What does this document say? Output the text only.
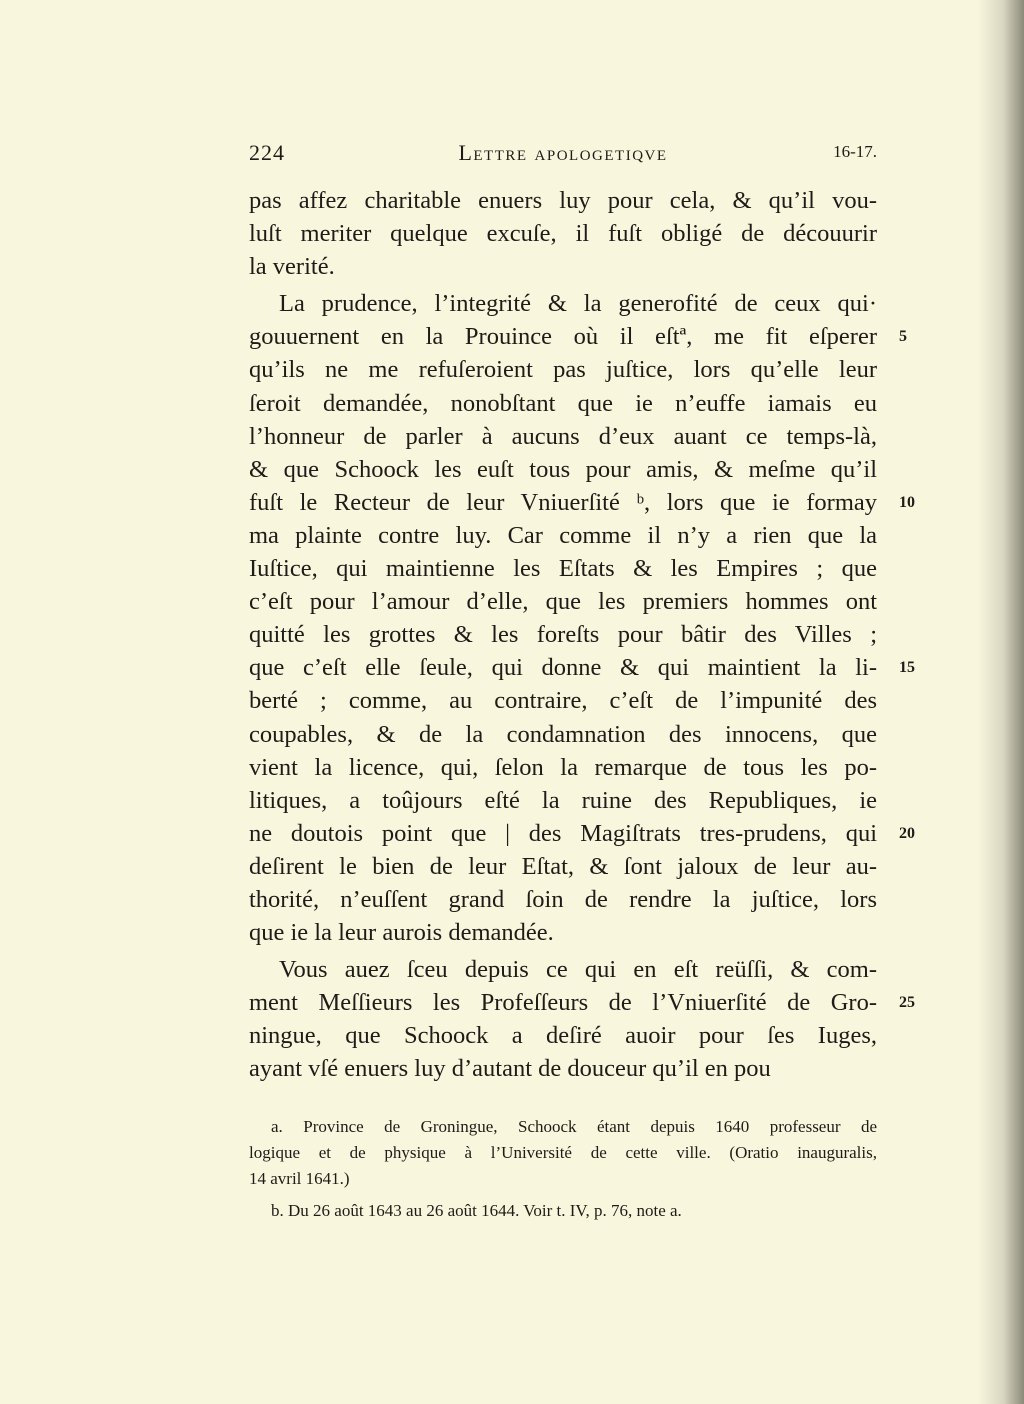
224	Lettre apologetiqve	16-17.
pas affez charitable enuers luy pour cela, & qu’il vou-
luſt meriter quelque excuſe, il fuſt obligé de découurir
la verité.
La prudence, l’integrité & la generofité de ceux qui·
gouuernent en la Prouince où il eſtª, me fit eſperer 5
qu’ils ne me refuſeroient pas juſtice, lors qu’elle leur
ſeroit demandée, nonobſtant que ie n’euffe iamais eu
l’honneur de parler à aucuns d’eux auant ce temps-là,
& que Schoock les euſt tous pour amis, & meſme qu’il
fuſt le Recteur de leur Vniuerſité ᵇ, lors que ie formay 10
ma plainte contre luy. Car comme il n’y a rien que la
Iuſtice, qui maintienne les Eſtats & les Empires ; que
c’eſt pour l’amour d’elle, que les premiers hommes ont
quitté les grottes & les foreſts pour bâtir des Villes ;
que c’eſt elle ſeule, qui donne & qui maintient la li- 15
berté ; comme, au contraire, c’eſt de l’impunité des
coupables, & de la condamnation des innocens, que
vient la licence, qui, ſelon la remarque de tous les po-
litiques, a toûjours eſté la ruine des Republiques, ie
ne doutois point que | des Magiſtrats tres-prudens, qui 20
deſirent le bien de leur Eſtat, & ſont jaloux de leur au-
thorité, n’euſſent grand ſoin de rendre la juſtice, lors
que ie la leur aurois demandée.
Vous auez ſceu depuis ce qui en eſt reüſſi, & com-
ment Meſſieurs les Profeſſeurs de l’Vniuerſité de Gro- 25
ningue, que Schoock a deſiré auoir pour ſes Iuges,
ayant vſé enuers luy d’autant de douceur qu’il en pou
a. Province de Groningue, Schoock étant depuis 1640 professeur de
logique et de physique à l’Université de cette ville. (Oratio inauguralis,
14 avril 1641.)
b. Du 26 août 1643 au 26 août 1644. Voir t. IV, p. 76, note a.
